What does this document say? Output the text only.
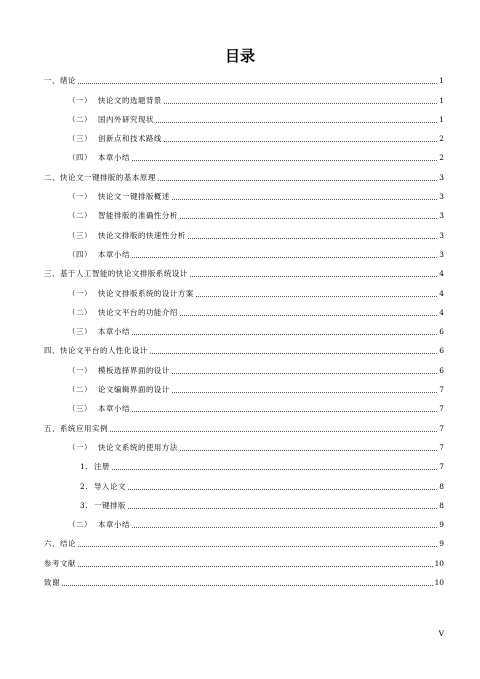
目录
一、 绪论	1
（一） 快论文的选题背景	1
（二） 国内外研究现状	1
（三） 创新点和技术路线	2
（四） 本章小结	2
二、 快论文一键排版的基本原理	3
（一） 快论文一键排版概述	3
（二） 智能排版的准确性分析	3
（三） 快论文排版的快速性分析	3
（四） 本章小结	3
三、 基于人工智能的快论文排版系统设计	4
（一） 快论文排版系统的设计方案	4
（二） 快论文平台的功能介绍	4
（三） 本章小结	6
四、 快论文平台的人性化设计	6
（一） 模板选择界面的设计	6
（二） 论文编辑界面的设计	7
（三） 本章小结	7
五、 系统应用实例	7
（一） 快论文系统的使用方法	7
1. 注册	7
2. 导入论文	8
3. 一键排版	8
（二） 本章小结	9
六、 结论	9
参考文献	10
致谢	10
V
